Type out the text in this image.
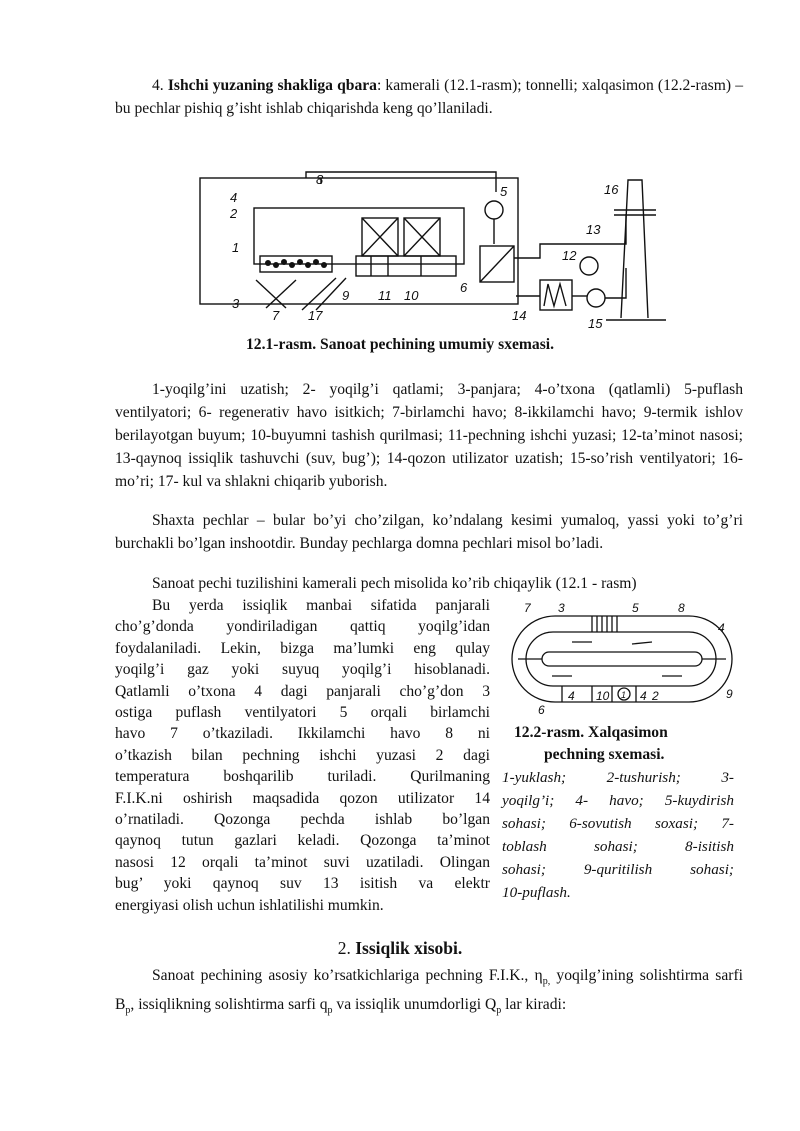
4. Ishchi yuzaning shakliga qbara: kamerali (12.1-rasm); tonnelli; xalqasimon (12.2-rasm) – bu pechlar pishiq g’isht ishlab chiqarishda keng qo’llaniladi.

1
2
3
4	5
6
7
8
9	10
11
12
13
14
15
16
17

12.1-rasm. Sanoat pechining umumiy sxemasi.

1-yoqilg’ini uzatish; 2- yoqilg’i qatlami; 3-panjara; 4-o’txona (qatlamli) 5-puflash ventilyatori; 6- regenerativ havo isitkich; 7-birlamchi havo; 8-ikkilamchi havo; 9-termik ishlov berilayotgan buyum; 10-buyumni tashish qurilmasi; 11-pechning ishchi yuzasi; 12-ta’minot nasosi; 13-qaynoq issiqlik tashuvchi (suv, bug’); 14-qozon utilizator uzatish; 15-so’rish ventilyatori; 16-mo’ri; 17- kul va shlakni chiqarib yuborish.

Shaxta pechlar – bular bo’yi cho’zilgan, ko’ndalang kesimi yumaloq, yassi yoki to’g’ri burchakli bo’lgan inshootdir. Bunday pechlarga domna pechlari misol bo’ladi.

Sanoat pechi tuzilishini kamerali pech misolida ko’rib chiqaylik (12.1 - rasm)

Bu yerda issiqlik manbai sifatida panjarali
cho’g’donda yondiriladigan qattiq yoqilg’idan
foydalaniladi. Lekin, bizga ma’lumki eng qulay
yoqilg’i gaz yoki suyuq yoqilg’i hisoblanadi.
Qatlamli o’txona 4 dagi panjarali cho’g’don 3
ostiga puflash ventilyatori 5 orqali birlamchi
havo 7 o’tkaziladi. Ikkilamchi havo 8 ni
o’tkazish bilan pechning ishchi yuzasi 2 dagi
temperatura boshqarilib turiladi. Qurilmaning
F.I.K.ni oshirish maqsadida qozon utilizator 14
o’rnatiladi. Qozonga pechda ishlab bo’lgan
qaynoq tutun gazlari keladi. Qozonga ta’minot
nasosi 12 orqali ta’minot suvi uzatiladi. Olingan
bug’ yoki qaynoq suv 13 isitish va elektr
energiyasi olish uchun ishlatilishi mumkin.
7 3	5	8
4
9
6
4 10 1 4 2
12.2-rasm. Xalqasimon
pechning sxemasi.
1-yuklash; 2-tushurish; 3-
yoqilg’i; 4- havo; 5-kuydirish
sohasi; 6-sovutish soxasi; 7-
toblash sohasi; 8-isitish
sohasi; 9-quritilish sohasi;
10-puflash.

2. Issiqlik xisobi.

Sanoat pechining asosiy ko’rsatkichlariga pechning F.I.K., $\eta_{p,}$ yoqilg’ining solishtirma sarfi $B_p$, issiqlikning solishtirma sarfi $q_p$ va issiqlik unumdorligi $Q_p$ lar kiradi:
